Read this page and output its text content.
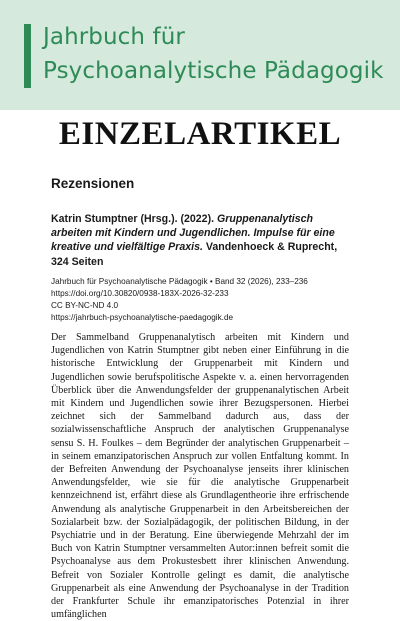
Jahrbuch für
Psychoanalytische Pädagogik
EINZELARTIKEL
Rezensionen
Katrin Stumptner (Hrsg.). (2022). Gruppenanalytisch arbeiten mit Kindern und Jugendlichen. Impulse für eine kreative und vielfältige Praxis. Vandenhoeck & Ruprecht, 324 Seiten
Jahrbuch für Psychoanalytische Pädagogik • Band 32 (2026), 233–236
https://doi.org/10.30820/0938-183X-2026-32-233
CC BY-NC-ND 4.0
https://jahrbuch-psychoanalytische-paedagogik.de
Der Sammelband Gruppenanalytisch arbeiten mit Kindern und Jugendlichen von Katrin Stumptner gibt neben einer Einführung in die historische Entwicklung der Gruppenarbeit mit Kindern und Jugendlichen sowie berufspolitische Aspekte v. a. einen hervorragenden Überblick über die Anwendungsfelder der gruppenanalytischen Arbeit mit Kindern und Jugendlichen sowie ihrer Bezugspersonen. Hierbei zeichnet sich der Sammelband dadurch aus, dass der sozialwissenschaftliche Anspruch der analytischen Gruppenanalyse sensu S. H. Foulkes – dem Begründer der analytischen Gruppenarbeit – in seinem emanzipatorischen Anspruch zur vollen Entfaltung kommt. In der Befreiten Anwendung der Psychoanalyse jenseits ihrer klinischen Anwendungsfelder, wie sie für die analytische Gruppenarbeit kennzeichnend ist, erfährt diese als Grundlagentheorie ihre erfrischende Anwendung als analytische Gruppenarbeit in den Arbeitsbereichen der Sozialarbeit bzw. der Sozialpädagogik, der politischen Bildung, in der Psychiatrie und in der Beratung. Eine überwiegende Mehrzahl der im Buch von Katrin Stumptner versammelten Autor:innen befreit somit die Psychoanalyse aus dem Prokustesbett ihrer klinischen Anwendung. Befreit von Sozialer Kontrolle gelingt es damit, die analytische Gruppenarbeit als eine Anwendung der Psychoanalyse in der Tradition der Frankfurter Schule ihr emanzipatorisches Potenzial in ihrer umfänglichen
